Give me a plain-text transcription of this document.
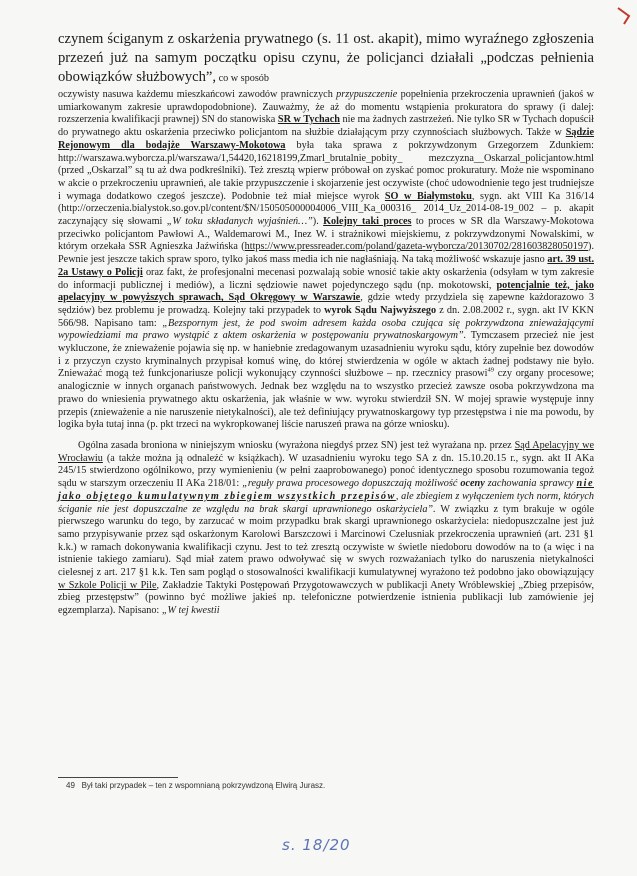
czynem ściganym z oskarżenia prywatnego (s. 11 ost. akapit), mimo wyraźnego zgłoszenia przezeń już na samym początku opisu czynu, że policjanci działali „podczas pełnienia obowiązków służbowych”, co w sposób

oczywisty nasuwa każdemu mieszkańcowi zawodów prawniczych przypuszczenie popełnienia przekroczenia uprawnień (jakoś w umiarkowanym zakresie uprawdopodobnione). Zauważmy, że aż do momentu wstąpienia prokuratora do sprawy (i dalej: rozszerzenia kwalifikacji prawnej) SN do stanowiska SR w Tychach nie ma żadnych zastrzeżeń. Nie tylko SR w Tychach dopuścił do prywatnego aktu oskarżenia przeciwko policjantom na służbie działającym przy czynnościach służbowych. Także w Sądzie Rejonowym dla bodajże Warszawy-Mokotowa była taka sprawa z pokrzywdzonym Grzegorzem Zdunkiem: http://warszawa.wyborcza.pl/warszawa/1,54420,16218199,Zmarl_brutalnie_pobity_ mezczyzna__Oskarzal_policjantow.html (przed „Oskarzal” są tu aż dwa podkreślniki). Też zresztą wpierw próbował on zyskać pomoc prokuratury. Może nie wspominano w akcie o przekroczeniu uprawnień, ale takie przypuszczenie i skojarzenie jest oczywiste (choć udowodnienie tego jest trudniejsze i wymaga dodatkowo czegoś jeszcze). Podobnie też miał miejsce wyrok SO w Białymstoku, sygn. akt VIII Ka 316/14 (http://orzeczenia.bialystok.so.gov.pl/content/$N/150505000004006_VIII_Ka_000316_ 2014_Uz_2014-08-19_002 – p. akapit zaczynający się słowami „W toku składanych wyjaśnień…”). Kolejny taki proces to proces w SR dla Warszawy-Mokotowa przeciwko policjantom Pawłowi A., Waldemarowi M., Inez W. i strażnikowi miejskiemu, z pokrzywdzonymi Nowalskimi, w którym orzekała SSR Agnieszka Jaźwińska (https://www.pressreader.com/poland/gazeta-wyborcza/20130702/281603828050197). Pewnie jest jeszcze takich spraw sporo, tylko jakoś mass media ich nie nagłaśniają. Na taką możliwość wskazuje jasno art. 39 ust. 2a Ustawy o Policji oraz fakt, że profesjonalni mecenasi pozwalają sobie wnosić takie akty oskarżenia (odsyłam w tym zakresie do informacji publicznej i mediów), a liczni sędziowie nawet pojedynczego sądu (np. mokotowski, potencjalnie też, jako apelacyjny w powyższych sprawach, Sąd Okręgowy w Warszawie, gdzie wtedy przydziela się zapewne każdorazowo 3 sędziów) bez problemu je prowadzą. Kolejny taki przypadek to wyrok Sądu Najwyższego z dn. 2.08.2002 r., sygn. akt IV KKN 566/98. Napisano tam: „Bezspornym jest, że pod swoim adresem każda osoba czująca się pokrzywdzona znieważającymi wypowiedziami ma prawo wystąpić z aktem oskarżenia w postępowaniu prywatnoskargowym”. Tymczasem przecież nie jest wykluczone, że znieważenie pojawia się np. w haniebnie zredagowanym uzasadnieniu wyroku sądu, który zupełnie bez dowodów i z przyczyn czysto kryminalnych przypisał komuś winę, do której stwierdzenia w ogóle w aktach żadnej podstawy nie było. Znieważać mogą też funkcjonariusze policji wykonujący czynności służbowe – np. rzecznicy prasowi$^{49}$ czy organy procesowe; analogicznie w innych organach państwowych. Jednak bez względu na to wszystko przecież zawsze osoba pokrzywdzona ma prawo do wniesienia prywatnego aktu oskarżenia, jak właśnie w ww. wyroku stwierdził SN. W mojej sprawie występuje inny przepis (znieważenie a nie naruszenie nietykalności), ale też definiujący prywatnoskargowy typ przestępstwa i nie ma powodu, by logika była tutaj inna (p. pkt trzeci na wykropkowanej liście naruszeń prawa na górze wniosku).

Ogólna zasada broniona w niniejszym wniosku (wyrażona niegdyś przez SN) jest też wyrażana np. przez Sąd Apelacyjny we Wrocławiu (a także można ją odnaleźć w książkach). W uzasadnieniu wyroku tego SA z dn. 15.10.20.15 r., sygn. akt II AKa 245/15 stwierdzono ogólnikowo, przy wymienieniu (w pełni zaaprobowanego) ponoć identycznego sposobu rozumowania tegoż sądu w starszym orzeczeniu II AKa 218/01: „reguły prawa procesowego dopuszczają możliwość oceny zachowania sprawcy nie jako objętego kumulatywnym zbiegiem wszystkich przepisów, ale zbiegiem z wyłączeniem tych norm, których ściganie nie jest dopuszczalne ze względu na brak skargi uprawnionego oskarżyciela”. W związku z tym brakuje w ogóle pierwszego warunku do tego, by zarzucać w moim przypadku brak skargi uprawnionego oskarżyciela: niedopuszczalne jest już samo przypisywanie przez sąd oskarżonym Karolowi Barszczowi i Marcinowi Czelusniak przekroczenia uprawnień (art. 231 §1 k.k.) w ramach dokonywania kwalifikacji czynu. Jest to też zresztą oczywiste w świetle niedoboru dowodów na to (a więc i na istnienie takiego zamiaru). Sąd miał zatem prawo odwoływać się w swych rozważaniach tylko do naruszenia nietykalności cielesnej z art. 217 §1 k.k. Ten sam pogląd o stosowalności kwalifikacji kumulatywnej wyrażono też podobno jako obowiązujący w Szkole Policji w Pile, Zakładzie Taktyki Postępowań Przygotowawczych w publikacji Anety Wróblewskiej „Zbieg przepisów, zbieg przestępstw” (powinno być możliwe jakieś np. telefoniczne potwierdzenie istnienia publikacji lub zamówienie jej egzemplarza). Napisano: „W tej kwestii

49 Był taki przypadek – ten z wspomnianą pokrzywdzoną Elwirą Jurasz.
s. 18/20
